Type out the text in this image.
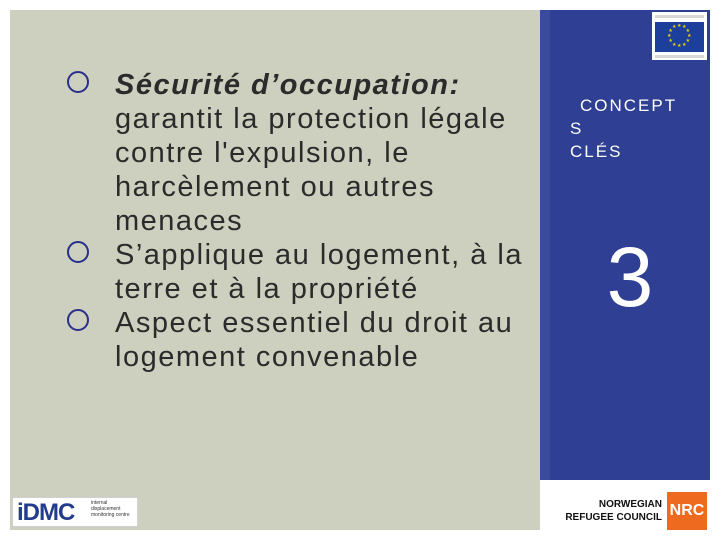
Sécurité d’occupation: garantit la protection légale contre l'expulsion, le harcèlement ou autres menaces
S’applique au logement, à la terre et à la propriété
Aspect essentiel du droit au logement convenable
★
★
★
★
★
★
★
★
★ ★ ★
★
CONCEPT
S
CLÉS
3
iDMC	internal displacement monitoring centre
NORWEGIAN
REFUGEE COUNCIL NRC
